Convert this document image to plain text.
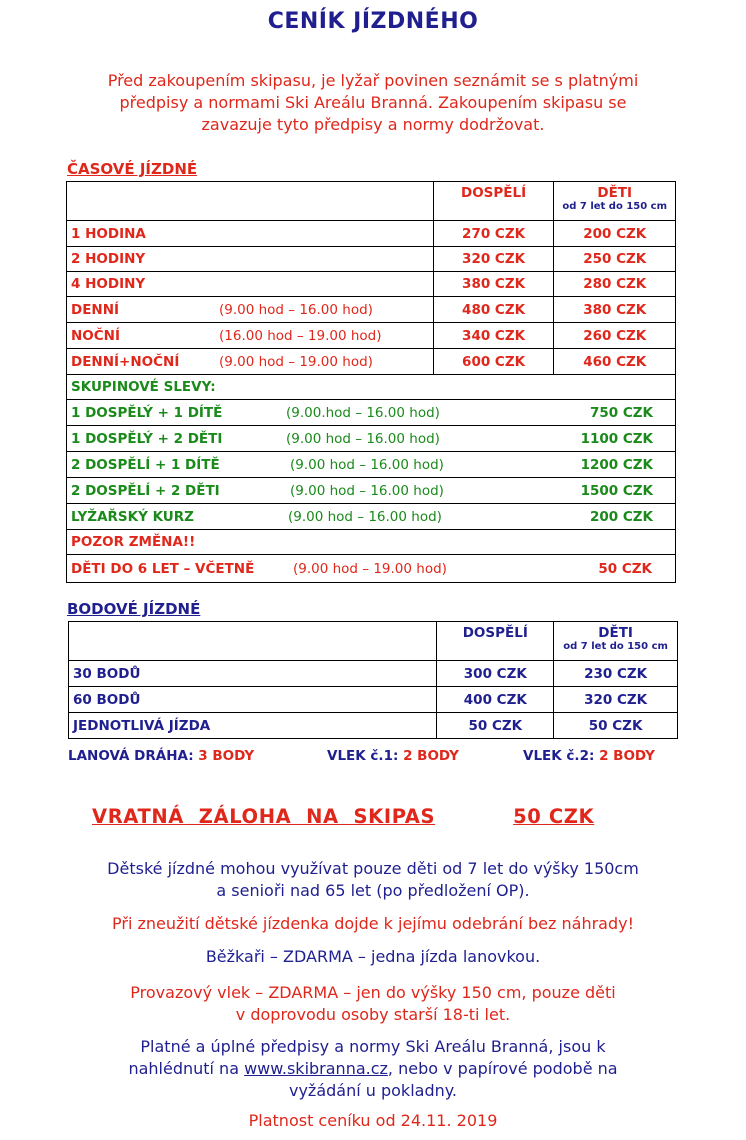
CENÍK JÍZDNÉHO
Před zakoupením skipasu, je lyžař povinen seznámit se s platnými
předpisy a normami Ski Areálu Branná. Zakoupením skipasu se
zavazuje tyto předpisy a normy dodržovat.
ČASOVÉ JÍZDNÉ
	DOSPĚLÍ	DĚTI
od 7 let do 150 cm

1 HODINA	270 CZK	200 CZK
2 HODINY	320 CZK	250 CZK
4 HODINY	380 CZK	280 CZK
DENNÍ (9.00 hod – 16.00 hod)	480 CZK	380 CZK
NOČNÍ (16.00 hod – 19.00 hod)	340 CZK	260 CZK
DENNÍ+NOČNÍ (9.00 hod – 19.00 hod)	600 CZK	460 CZK
SKUPINOVÉ SLEVY:		
1 DOSPĚLÝ + 1 DÍTĚ (9.00.hod – 16.00 hod) 750 CZK		
1 DOSPĚLÝ + 2 DĚTI (9.00 hod – 16.00 hod) 1100 CZK		
2 DOSPĚLÍ + 1 DÍTĚ (9.00 hod – 16.00 hod) 1200 CZK		
2 DOSPĚLÍ + 2 DĚTI (9.00 hod – 16.00 hod) 1500 CZK		
LYŽAŘSKÝ KURZ (9.00 hod – 16.00 hod) 200 CZK		
POZOR ZMĚNA!!		
DĚTI DO 6 LET – VČETNĚ (9.00 hod – 19.00 hod) 50 CZK		
BODOVÉ JÍZDNÉ
	DOSPĚLÍ	DĚTI
od 7 let do 150 cm

30 BODŮ	300 CZK	230 CZK
60 BODŮ	400 CZK	320 CZK
JEDNOTLIVÁ JÍZDA	50 CZK	50 CZK
LANOVÁ DRÁHA: 3 BODY	VLEK č.1: 2 BODY	VLEK č.2: 2 BODY
VRATNÁ  ZÁLOHA  NA  SKIPAS	50 CZK
Dětské jízdné mohou využívat pouze děti od 7 let do výšky 150cm
a senioři nad 65 let (po předložení OP).
Při zneužití dětské jízdenka dojde k jejímu odebrání bez náhrady!
Běžkaři – ZDARMA – jedna jízda lanovkou.
Provazový vlek – ZDARMA – jen do výšky 150 cm, pouze děti
v doprovodu osoby starší 18-ti let.
Platné a úplné předpisy a normy Ski Areálu Branná, jsou k
nahlédnutí na www.skibranna.cz, nebo v papírové podobě na
vyžádání u pokladny.
Platnost ceníku od 24.11. 2019
